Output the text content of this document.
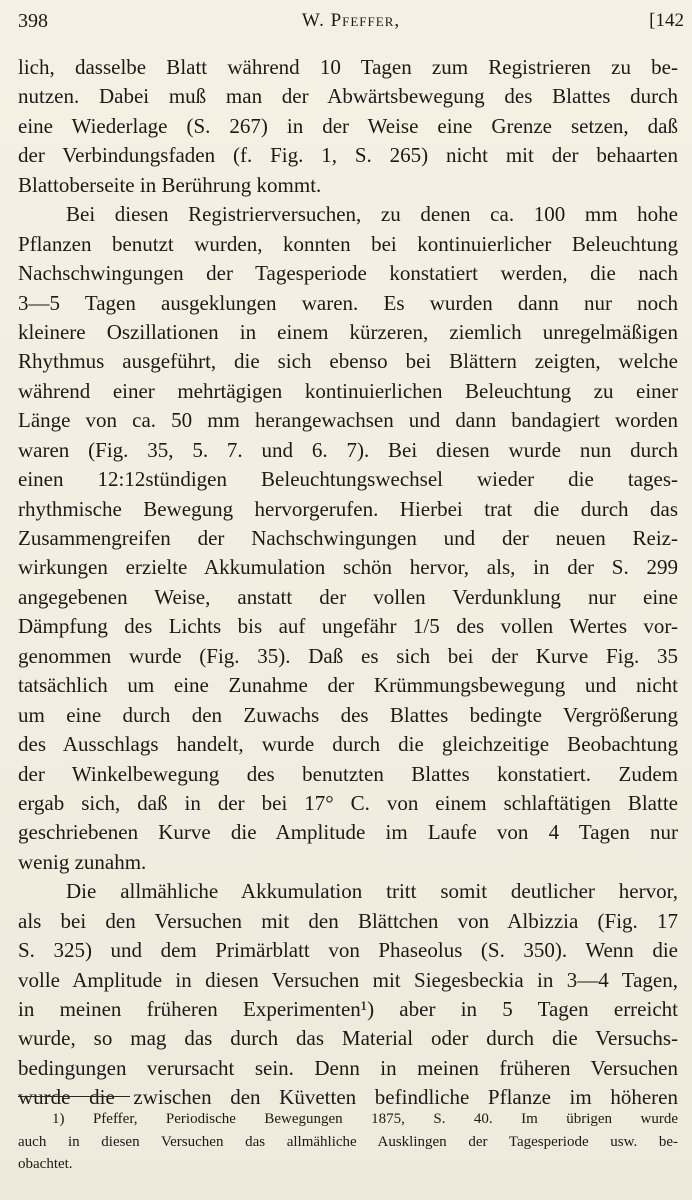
398	W. Pfeffer,	[142
lich, dasselbe Blatt während 10 Tagen zum Registrieren zu be-
nutzen. Dabei muß man der Abwärtsbewegung des Blattes durch
eine Wiederlage (S. 267) in der Weise eine Grenze setzen, daß
der Verbindungsfaden (f. Fig. 1, S. 265) nicht mit der behaarten
Blattoberseite in Berührung kommt.
Bei diesen Registrierversuchen, zu denen ca. 100 mm hohe
Pflanzen benutzt wurden, konnten bei kontinuierlicher Beleuchtung
Nachschwingungen der Tagesperiode konstatiert werden, die nach
3—5 Tagen ausgeklungen waren. Es wurden dann nur noch
kleinere Oszillationen in einem kürzeren, ziemlich unregelmäßigen
Rhythmus ausgeführt, die sich ebenso bei Blättern zeigten, welche
während einer mehrtägigen kontinuierlichen Beleuchtung zu einer
Länge von ca. 50 mm herangewachsen und dann bandagiert worden
waren (Fig. 35, 5. 7. und 6. 7). Bei diesen wurde nun durch
einen 12:12stündigen Beleuchtungswechsel wieder die tages-
rhythmische Bewegung hervorgerufen. Hierbei trat die durch das
Zusammengreifen der Nachschwingungen und der neuen Reiz-
wirkungen erzielte Akkumulation schön hervor, als, in der S. 299
angegebenen Weise, anstatt der vollen Verdunklung nur eine
Dämpfung des Lichts bis auf ungefähr 1/5 des vollen Wertes vor-
genommen wurde (Fig. 35). Daß es sich bei der Kurve Fig. 35
tatsächlich um eine Zunahme der Krümmungsbewegung und nicht
um eine durch den Zuwachs des Blattes bedingte Vergrößerung
des Ausschlags handelt, wurde durch die gleichzeitige Beobachtung
der Winkelbewegung des benutzten Blattes konstatiert. Zudem
ergab sich, daß in der bei 17° C. von einem schlaftätigen Blatte
geschriebenen Kurve die Amplitude im Laufe von 4 Tagen nur
wenig zunahm.
Die allmähliche Akkumulation tritt somit deutlicher hervor,
als bei den Versuchen mit den Blättchen von Albizzia (Fig. 17
S. 325) und dem Primärblatt von Phaseolus (S. 350). Wenn die
volle Amplitude in diesen Versuchen mit Siegesbeckia in 3—4 Tagen,
in meinen früheren Experimenten¹) aber in 5 Tagen erreicht
wurde, so mag das durch das Material oder durch die Versuchs-
bedingungen verursacht sein. Denn in meinen früheren Versuchen
wurde die zwischen den Küvetten befindliche Pflanze im höheren
1) Pfeffer, Periodische Bewegungen 1875, S. 40. Im übrigen wurde
auch in diesen Versuchen das allmähliche Ausklingen der Tagesperiode usw. be-
obachtet.
